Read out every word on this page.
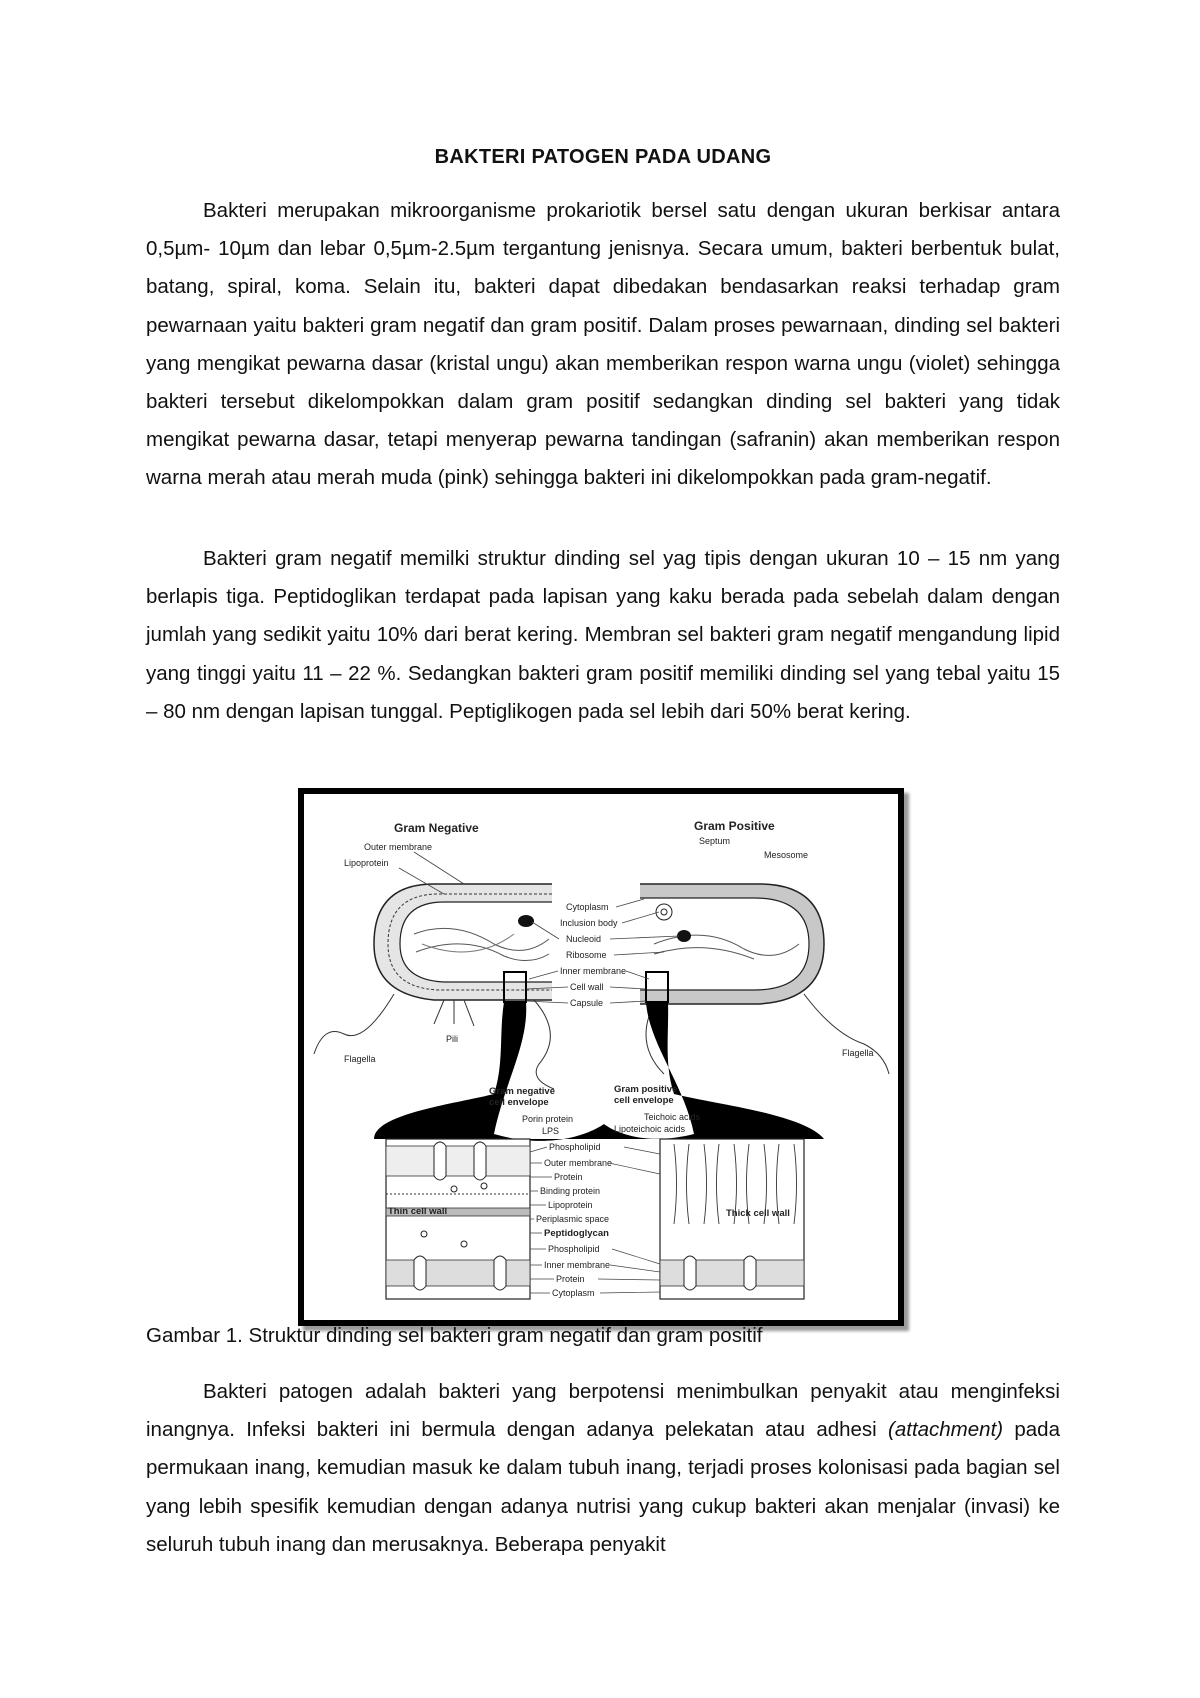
BAKTERI PATOGEN PADA UDANG

Bakteri merupakan mikroorganisme prokariotik bersel satu dengan ukuran berkisar antara 0,5µm- 10µm dan lebar 0,5µm-2.5µm tergantung jenisnya. Secara umum, bakteri berbentuk bulat, batang, spiral, koma. Selain itu, bakteri dapat dibedakan bendasarkan reaksi terhadap gram pewarnaan yaitu bakteri gram negatif dan gram positif. Dalam proses pewarnaan, dinding sel bakteri yang mengikat pewarna dasar (kristal ungu) akan memberikan respon warna ungu (violet) sehingga bakteri tersebut dikelompokkan dalam gram positif sedangkan dinding sel bakteri yang tidak mengikat pewarna dasar, tetapi menyerap pewarna tandingan (safranin) akan memberikan respon warna merah atau merah muda (pink) sehingga bakteri ini dikelompokkan pada gram-negatif.

Bakteri gram negatif memilki struktur dinding sel yag tipis dengan ukuran 10 – 15 nm yang berlapis tiga. Peptidoglikan terdapat pada lapisan yang kaku berada pada sebelah dalam dengan jumlah yang sedikit yaitu 10% dari berat kering. Membran sel bakteri gram negatif mengandung lipid yang tinggi yaitu 11 – 22 %. Sedangkan bakteri gram positif memiliki dinding sel yang tebal yaitu 15 – 80 nm dengan lapisan tunggal. Peptiglikogen pada sel lebih dari 50% berat kering.

Gram Negative	Gram Positive
Outer membrane
Lipoprotein
Pili
Flagella
Septum
Mesosome
Flagella
Cytoplasm
Inclusion body
Nucleoid
Ribosome
Inner membrane
Cell wall
Capsule
Gram negative
cell envelope
Gram positive
cell envelope
Thin cell wall	Thick cell wall
Porin protein
LPS
Teichoic acids
Lipoteichoic acids
Phospholipid
Outer membrane
Protein
Binding protein
Lipoprotein
Periplasmic space
Peptidoglycan
Phospholipid
Inner membrane
Protein
Cytoplasm
Gambar 1. Struktur dinding sel bakteri gram negatif dan gram positif

Bakteri patogen adalah bakteri yang berpotensi menimbulkan penyakit atau menginfeksi inangnya. Infeksi bakteri ini bermula dengan adanya pelekatan atau adhesi (attachment) pada permukaan inang, kemudian masuk ke dalam tubuh inang, terjadi proses kolonisasi pada bagian sel yang lebih spesifik kemudian dengan adanya nutrisi yang cukup bakteri akan menjalar (invasi) ke seluruh tubuh inang dan merusaknya. Beberapa penyakit
